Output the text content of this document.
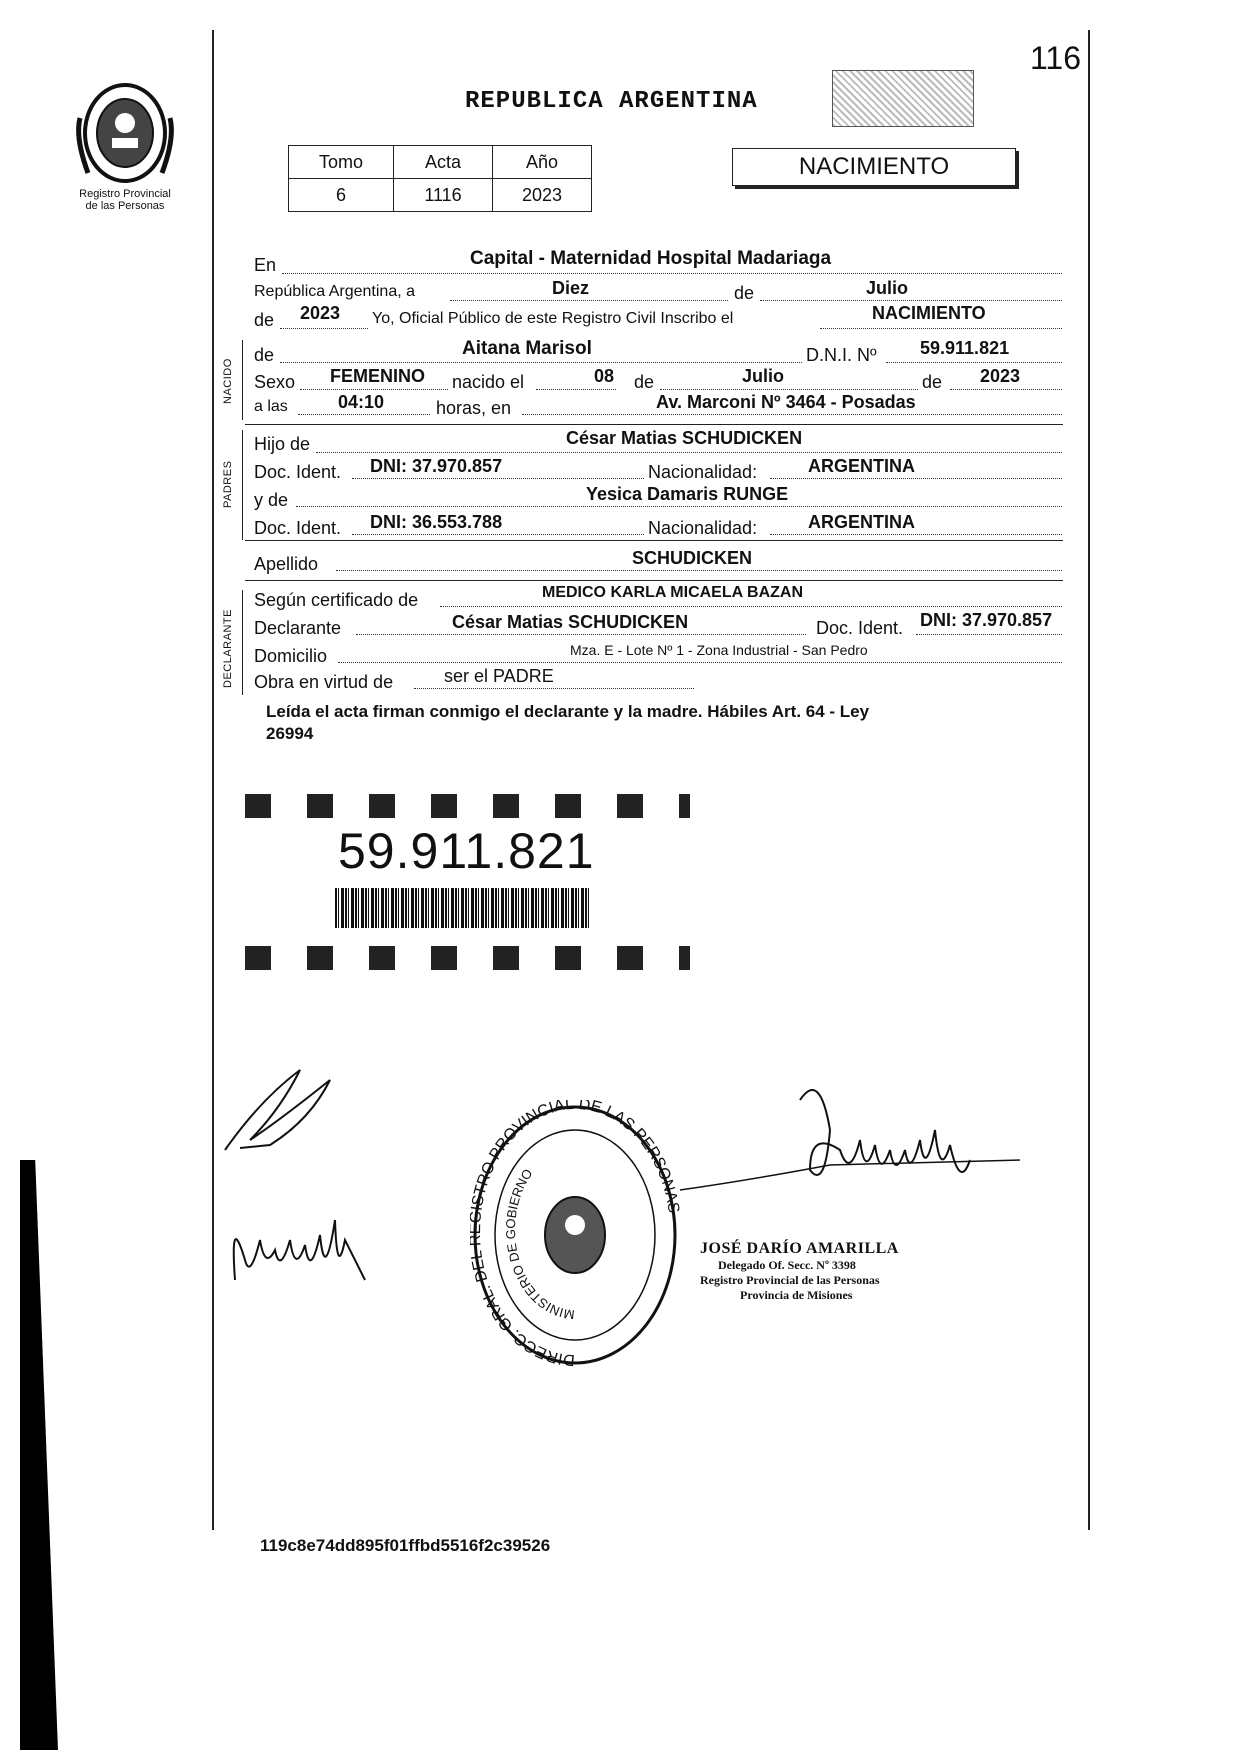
116
Registro Provincial
de las Personas
REPUBLICA ARGENTINA
Tomo	Acta	Año
6	1116	2023
NACIMIENTO
NACIDO
PADRES
DECLARANTE
En	Capital - Maternidad Hospital Madariaga
República Argentina, a	Diez	de	Julio
de 2023 Yo, Oficial Público de este Registro Civil Inscribo el	NACIMIENTO
de	Aitana Marisol	D.N.I. Nº 59.911.821
Sexo FEMENINO nacido el	08 de	Julio	de 2023
a las	04:10	horas, en	Av. Marconi Nº 3464 - Posadas
Hijo de	César Matias SCHUDICKEN
Doc. Ident. DNI: 37.970.857	Nacionalidad:	ARGENTINA
y de	Yesica Damaris RUNGE
Doc. Ident. DNI: 36.553.788	Nacionalidad:	ARGENTINA
Apellido	SCHUDICKEN
Según certificado de	MEDICO KARLA MICAELA BAZAN
Declarante	César Matias SCHUDICKEN	Doc. Ident. DNI: 37.970.857
Domicilio	Mza. E - Lote Nº 1 - Zona Industrial - San Pedro
Obra en virtud de	ser el PADRE
Leída el acta firman conmigo el declarante y la madre. Hábiles Art. 64 - Ley
26994
59.911.821
DIRECC. GRAL. DE ISTRO PROVINCIAL DE LAS PERSONA
MINISTERIO DE GOBIERNO
JOSÉ DARÍO AMARILLA
Delegado Of. Secc. Nº 3398
Registro Provincial de las Personas
Provincia de Misiones
119c8e74dd895f01ffbd5516f2c39526
